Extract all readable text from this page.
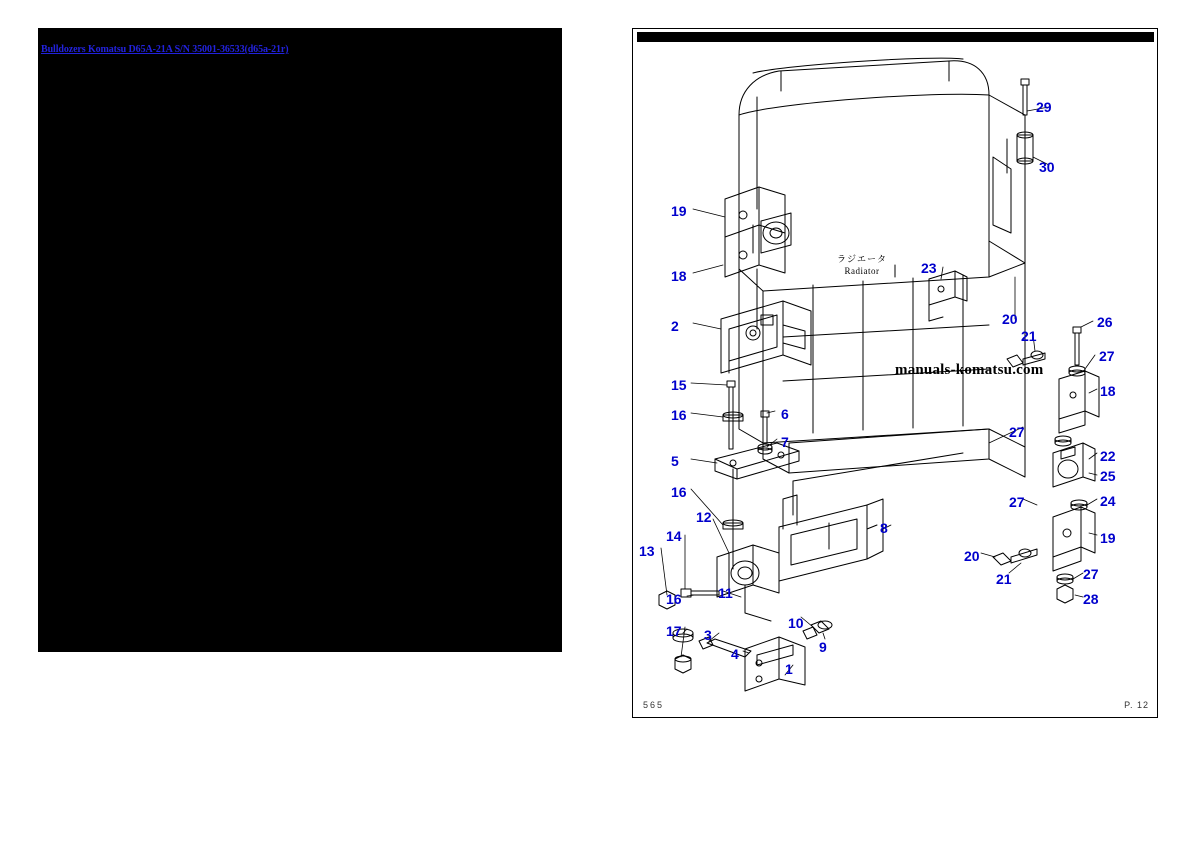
Bulldozers Komatsu D65A-21A S/N 35001-36533(d65a-21r)
ラジエータ
Radiator
manuals-komatsu.com
29
30
19
18	23
20
21
26
27
18
2
15
16	6
7
5
16
27
22
25
24
27
19
12
13
14	8
20
21	27
28
16	11
10
17 3
4
1
9
565	P. 12
